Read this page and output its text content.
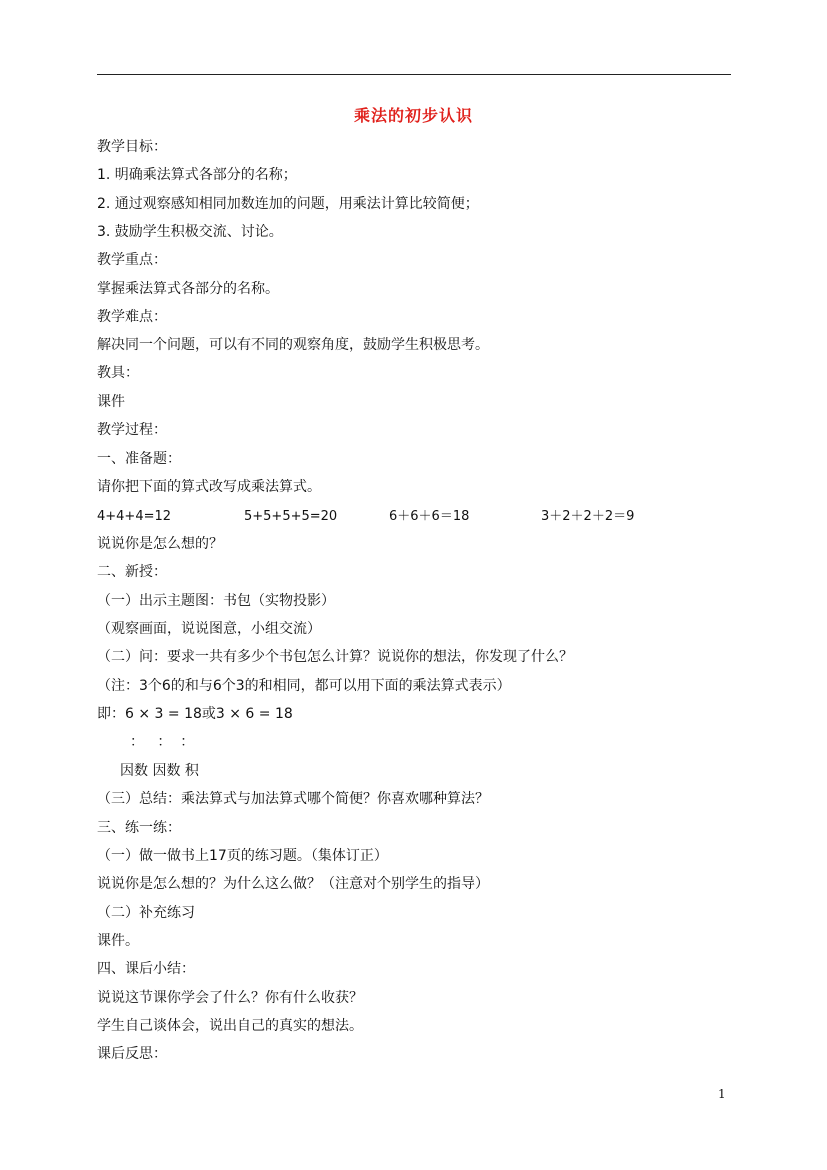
乘法的初步认识
教学目标：
1. 明确乘法算式各部分的名称；
2. 通过观察感知相同加数连加的问题，用乘法计算比较简便；
3. 鼓励学生积极交流、讨论。
教学重点：
掌握乘法算式各部分的名称。
教学难点：
解决同一个问题，可以有不同的观察角度，鼓励学生积极思考。
教具：
课件
教学过程：
一、准备题：
请你把下面的算式改写成乘法算式。
4+4+4=12	5+5+5+5=20	6＋6＋6＝18	3＋2＋2＋2＝9
说说你是怎么想的？
二、新授：
（一）出示主题图：书包（实物投影）
（观察画面，说说图意，小组交流）
（二）问：要求一共有多少个书包怎么计算？说说你的想法，你发现了什么？
（注：3个6的和与6个3的和相同，都可以用下面的乘法算式表示）
即：6 × 3 = 18或3 × 6 = 18
：   ：  ：
因数 因数 积
（三）总结：乘法算式与加法算式哪个简便？你喜欢哪种算法？
三、练一练：
（一）做一做书上17页的练习题。（集体订正）
说说你是怎么想的？为什么这么做？（注意对个别学生的指导）
（二）补充练习
课件。
四、课后小结：
说说这节课你学会了什么？你有什么收获？
学生自己谈体会，说出自己的真实的想法。
课后反思：
1
